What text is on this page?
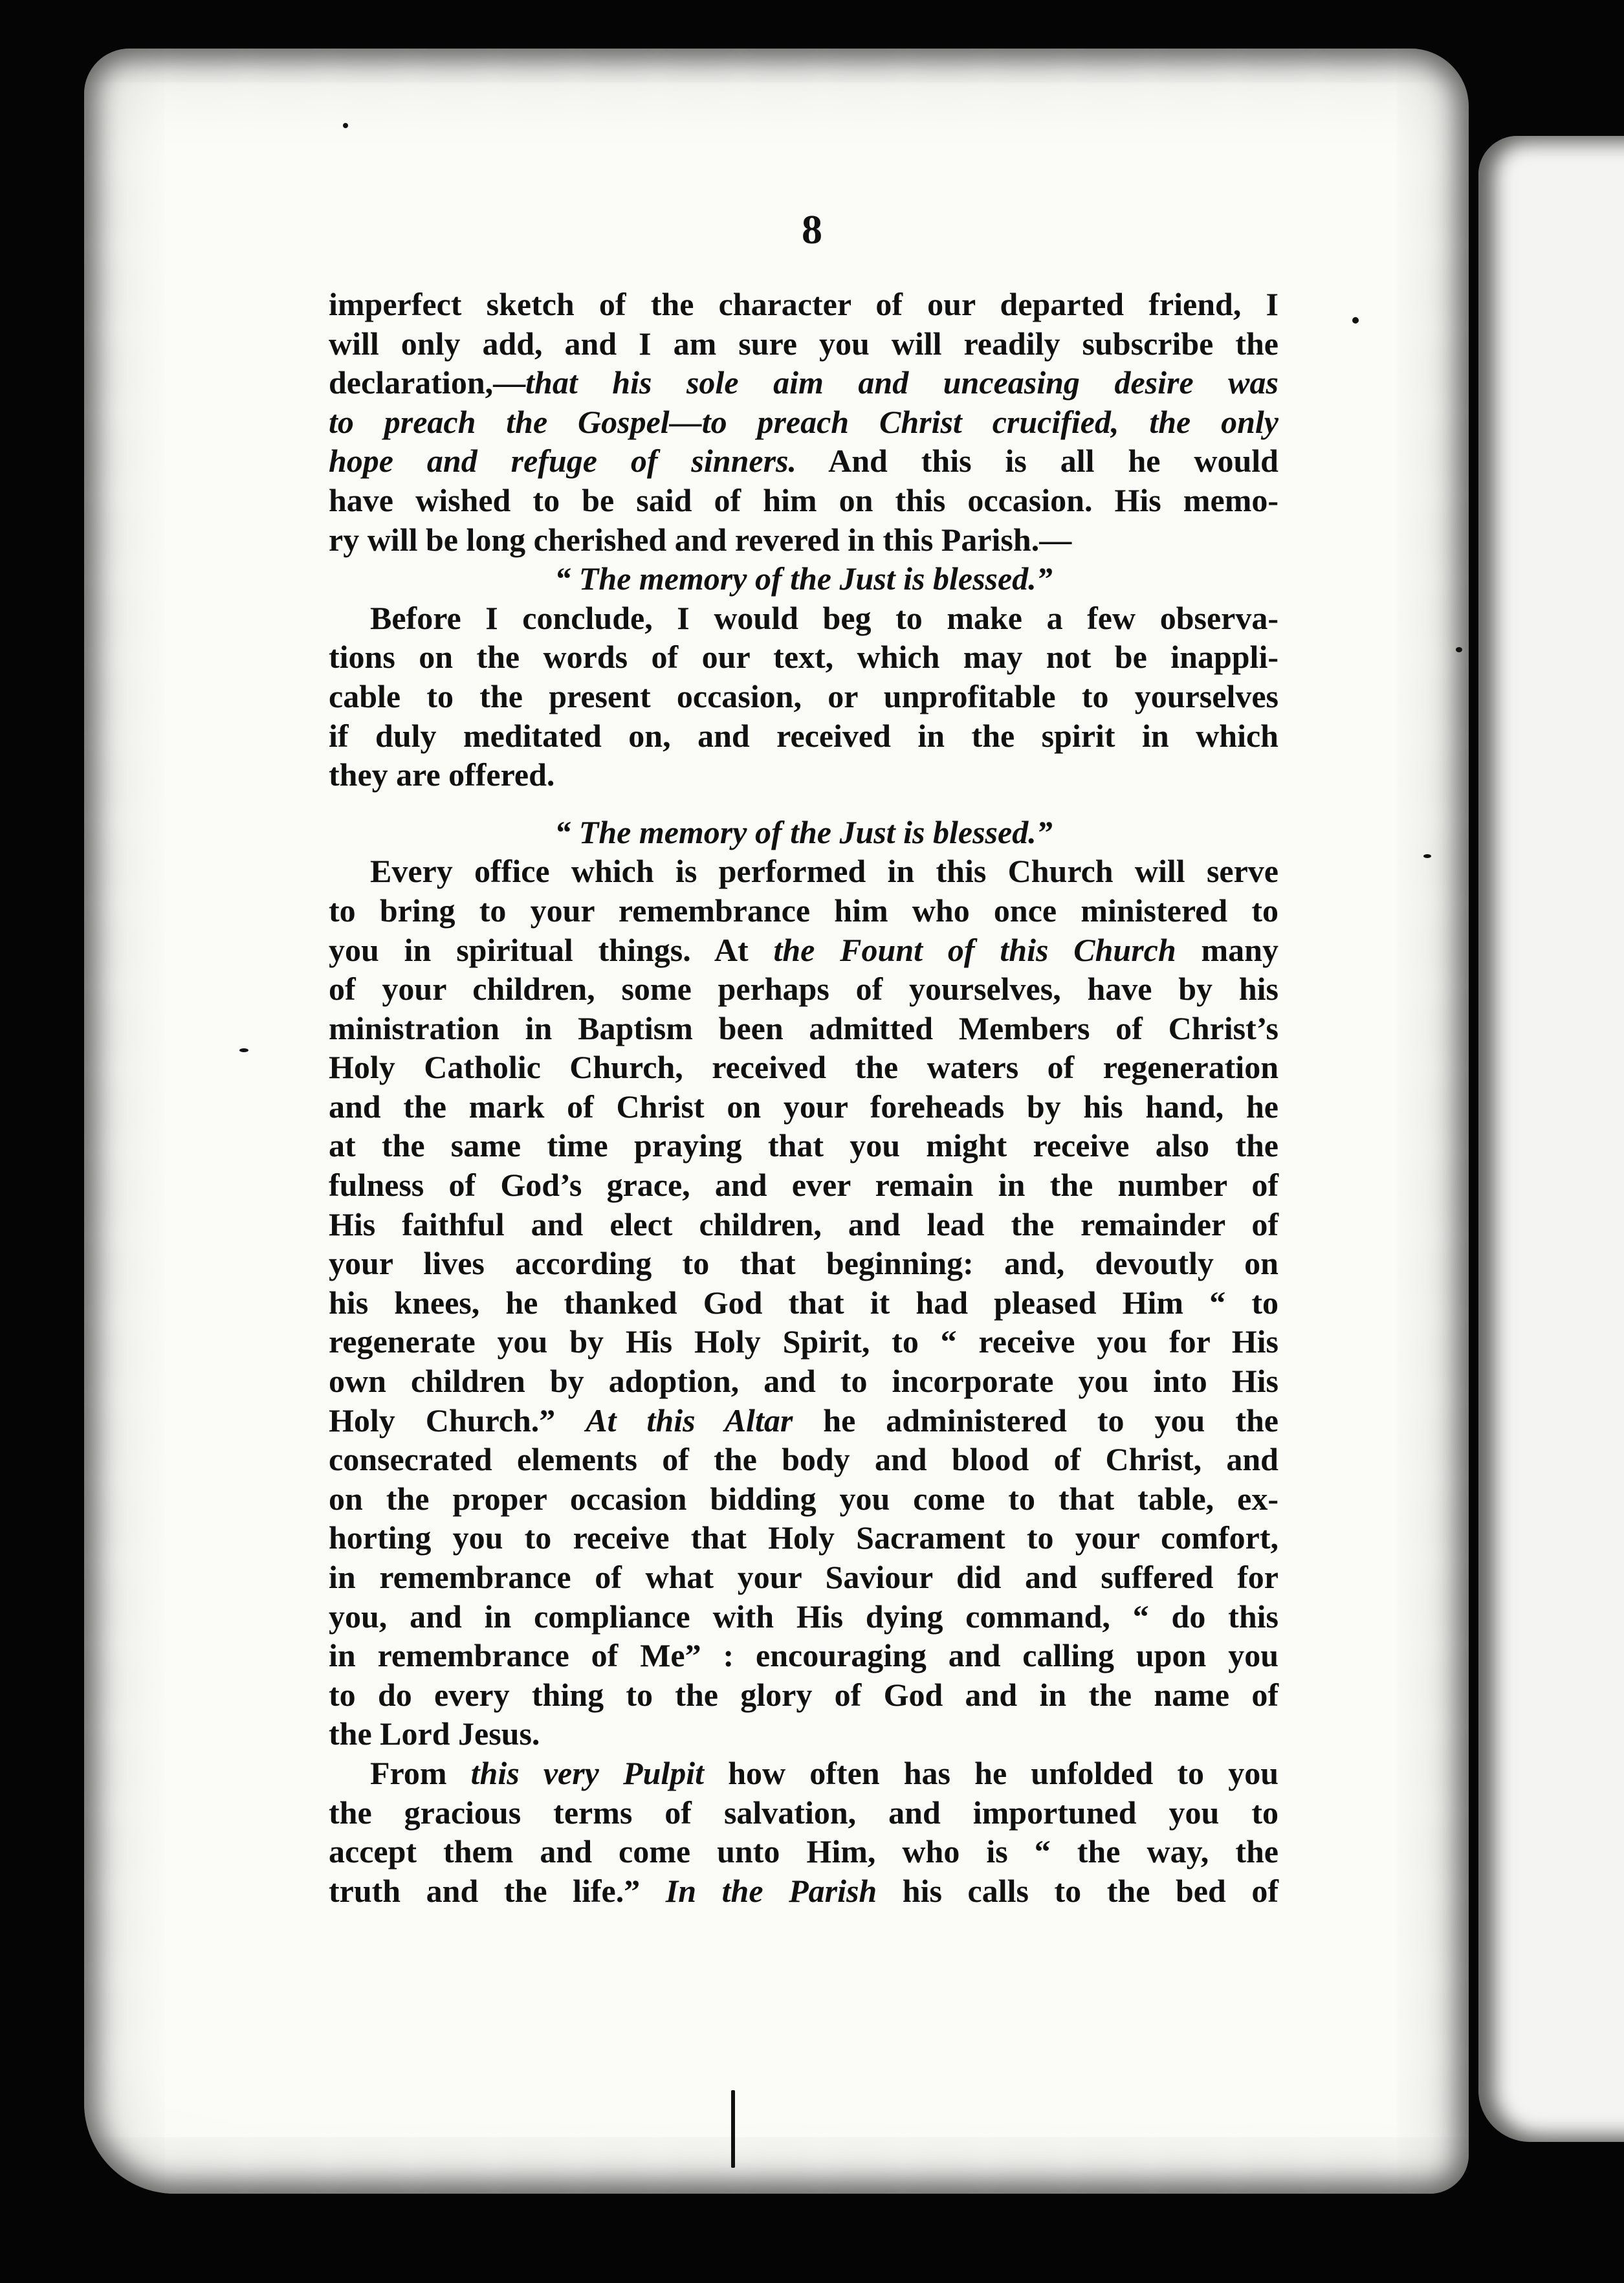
8
imperfect sketch of the character of our departed friend, I
will only add, and I am sure you will readily subscribe the
declaration,—that his sole aim and unceasing desire was
to preach the Gospel—to preach Christ crucified, the only
hope and refuge of sinners. And this is all he would
have wished to be said of him on this occasion. His memo-
ry will be long cherished and revered in this Parish.—
“ The memory of the Just is blessed.”
Before I conclude, I would beg to make a few observa-
tions on the words of our text, which may not be inappli-
cable to the present occasion, or unprofitable to yourselves
if duly meditated on, and received in the spirit in which
they are offered.
“ The memory of the Just is blessed.”
Every office which is performed in this Church will serve
to bring to your remembrance him who once ministered to
you in spiritual things. At the Fount of this Church many
of your children, some perhaps of yourselves, have by his
ministration in Baptism been admitted Members of Christ’s
Holy Catholic Church, received the waters of regeneration
and the mark of Christ on your foreheads by his hand, he
at the same time praying that you might receive also the
fulness of God’s grace, and ever remain in the number of
His faithful and elect children, and lead the remainder of
your lives according to that beginning: and, devoutly on
his knees, he thanked God that it had pleased Him “ to
regenerate you by His Holy Spirit, to “ receive you for His
own children by adoption, and to incorporate you into His
Holy Church.” At this Altar he administered to you the
consecrated elements of the body and blood of Christ, and
on the proper occasion bidding you come to that table, ex-
horting you to receive that Holy Sacrament to your comfort,
in remembrance of what your Saviour did and suffered for
you, and in compliance with His dying command, “ do this
in remembrance of Me” : encouraging and calling upon you
to do every thing to the glory of God and in the name of
the Lord Jesus.
From this very Pulpit how often has he unfolded to you
the gracious terms of salvation, and importuned you to
accept them and come unto Him, who is “ the way, the
truth and the life.” In the Parish his calls to the bed of
